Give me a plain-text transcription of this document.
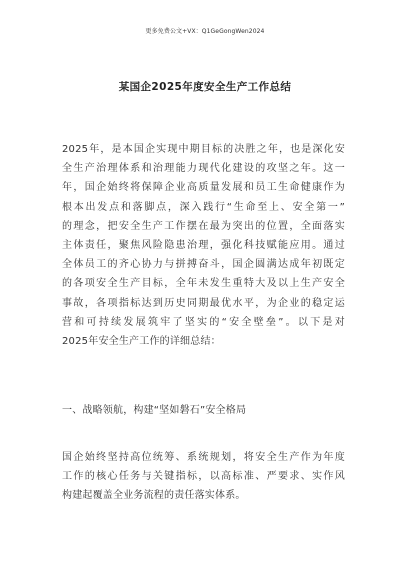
更多免费公文+VX：Q1GeGongWen2024
某国企2025年度安全生产工作总结
2025年，是本国企实现中期目标的决胜之年，也是深化安
全生产治理体系和治理能力现代化建设的攻坚之年。这一
年，国企始终将保障企业高质量发展和员工生命健康作为
根本出发点和落脚点，深入践行“生命至上、安全第一”
的理念，把安全生产工作摆在最为突出的位置，全面落实
主体责任，聚焦风险隐患治理，强化科技赋能应用。通过
全体员工的齐心协力与拼搏奋斗，国企圆满达成年初既定
的各项安全生产目标，全年未发生重特大及以上生产安全
事故，各项指标达到历史同期最优水平，为企业的稳定运
营和可持续发展筑牢了坚实的“安全壁垒”。以下是对
2025年安全生产工作的详细总结：
一、战略领航，构建“坚如磐石”安全格局
国企始终坚持高位统筹、系统规划，将安全生产作为年度
工作的核心任务与关键指标，以高标准、严要求、实作风
构建起覆盖全业务流程的责任落实体系。
